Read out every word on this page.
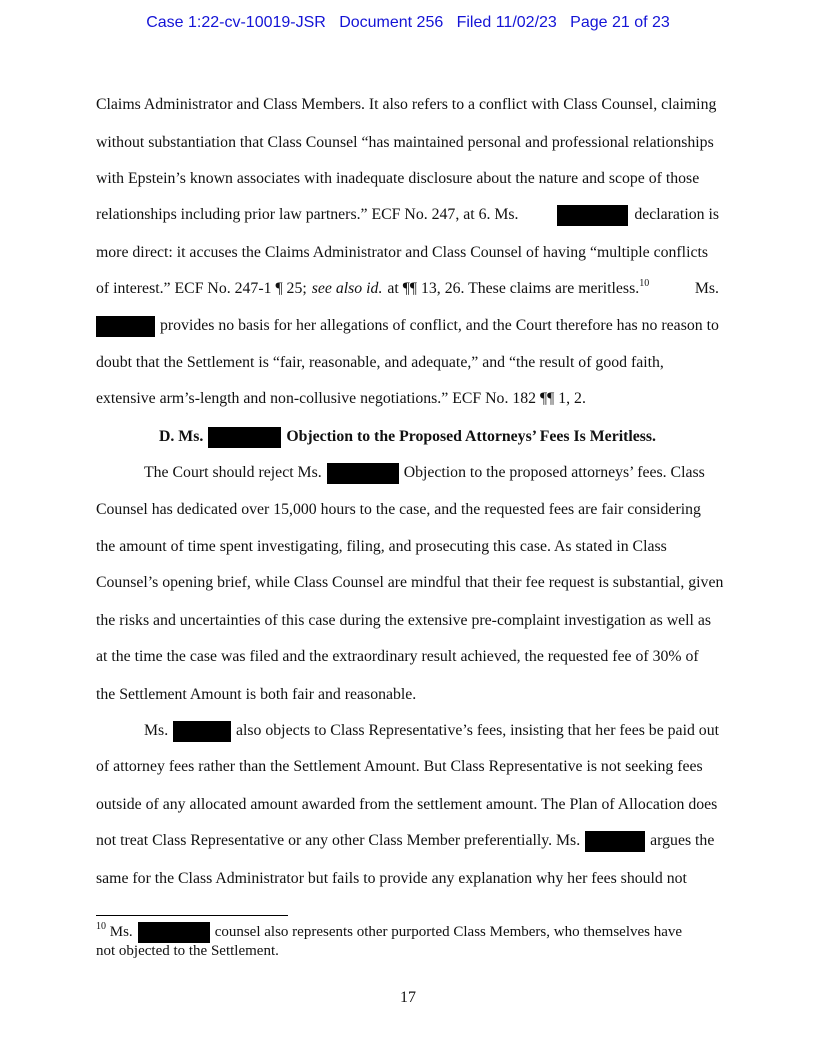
Case 1:22-cv-10019-JSR Document 256 Filed 11/02/23 Page 21 of 23
Claims Administrator and Class Members. It also refers to a conflict with Class Counsel, claiming
without substantiation that Class Counsel “has maintained personal and professional relationships
with Epstein’s known associates with inadequate disclosure about the nature and scope of those
relationships including prior law partners.” ECF No. 247, at 6. Ms.	declaration is
more direct: it accuses the Claims Administrator and Class Counsel of having “multiple conflicts
of interest.” ECF No. 247-1 ¶ 25; see also id. at ¶¶ 13, 26. These claims are meritless.$^{10}$	Ms.
provides no basis for her allegations of conflict, and the Court therefore has no reason to
doubt that the Settlement is “fair, reasonable, and adequate,” and “the result of good faith,
extensive arm’s-length and non-collusive negotiations.” ECF No. 182 ¶¶ 1, 2.
D. Ms.	Objection to the Proposed Attorneys’ Fees Is Meritless.
The Court should reject Ms.	Objection to the proposed attorneys’ fees. Class
Counsel has dedicated over 15,000 hours to the case, and the requested fees are fair considering
the amount of time spent investigating, filing, and prosecuting this case. As stated in Class
Counsel’s opening brief, while Class Counsel are mindful that their fee request is substantial, given
the risks and uncertainties of this case during the extensive pre-complaint investigation as well as
at the time the case was filed and the extraordinary result achieved, the requested fee of 30% of
the Settlement Amount is both fair and reasonable.
Ms.	also objects to Class Representative’s fees, insisting that her fees be paid out
of attorney fees rather than the Settlement Amount. But Class Representative is not seeking fees
outside of any allocated amount awarded from the settlement amount. The Plan of Allocation does
not treat Class Representative or any other Class Member preferentially. Ms.	argues the
same for the Class Administrator but fails to provide any explanation why her fees should not
$^{10}$ Ms.	counsel also represents other purported Class Members, who themselves have
not objected to the Settlement.
17
